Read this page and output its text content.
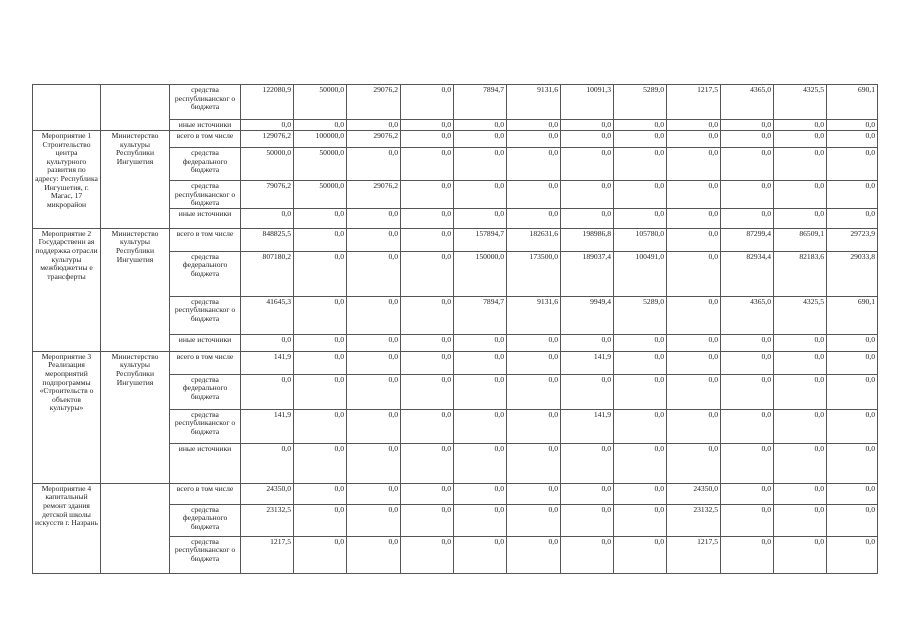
		средства республиканског о бюджета	122080,9	50000,0	29076,2	0,0	7894,7	9131,6	10091,3	5289,0	1217,5	4365,0	4325,5	690,1
		иные источники	0,0	0,0	0,0	0,0	0,0	0,0	0,0	0,0	0,0	0,0	0,0	0,0
Мероприятие 1 Строительство центра культурного развития по адресу: Республика Ингушетия, г. Магас, 17 микрорайон	Министерство культуры Республики Ингушетия	всего в том числе	129076,2	100000,0	29076,2	0,0	0,0	0,0	0,0	0,0	0,0	0,0	0,0	0,0
		средства федерального бюджета	50000,0	50000,0	0,0	0,0	0,0	0,0	0,0	0,0	0,0	0,0	0,0	0,0
		средства республиканског о бюджета	79076,2	50000,0	29076,2	0,0	0,0	0,0	0,0	0,0	0,0	0,0	0,0	0,0
		иные источники	0,0	0,0	0,0	0,0	0,0	0,0	0,0	0,0	0,0	0,0	0,0	0,0
Мероприятие 2 Государственн ая поддержка отрасли культуры межбюджетны е трансферты	Министерство культуры Республики Ингушетия	всего в том числе	848825,5	0,0	0,0	0,0	157894,7	182631,6	198986,8	105780,0	0,0	87299,4	86509,1	29723,9
		средства федерального бюджета	807180,2	0,0	0,0	0,0	150000,0	173500,0	189037,4	100491,0	0,0	82934,4	82183,6	29033,8
		средства республиканског о бюджета	41645,3	0,0	0,0	0,0	7894,7	9131,6	9949,4	5289,0	0,0	4365,0	4325,5	690,1
		иные источники	0,0	0,0	0,0	0,0	0,0	0,0	0,0	0,0	0,0	0,0	0,0	0,0
Мероприятие 3 Реализация мероприятий подпрограммы «Строительств о объектов культуры»	Министерство культуры Республики Ингушетия	всего в том числе	141,9	0,0	0,0	0,0	0,0	0,0	141,9	0,0	0,0	0,0	0,0	0,0
		средства федерального бюджета	0,0	0,0	0,0	0,0	0,0	0,0	0,0	0,0	0,0	0,0	0,0	0,0
		средства республиканског о бюджета	141,9	0,0	0,0	0,0	0,0	0,0	141,9	0,0	0,0	0,0	0,0	0,0
		иные источники	0,0	0,0	0,0	0,0	0,0	0,0	0,0	0,0	0,0	0,0	0,0	0,0
Мероприятие 4 капитальный ремонт здания детской школы искусств г. Назрань		всего в том числе	24350,0	0,0	0,0	0,0	0,0	0,0	0,0	0,0	24350,0	0,0	0,0	0,0
		средства федерального бюджета	23132,5	0,0	0,0	0,0	0,0	0,0	0,0	0,0	23132,5	0,0	0,0	0,0
		средства республиканског о бюджета	1217,5	0,0	0,0	0,0	0,0	0,0	0,0	0,0	1217,5	0,0	0,0	0,0
